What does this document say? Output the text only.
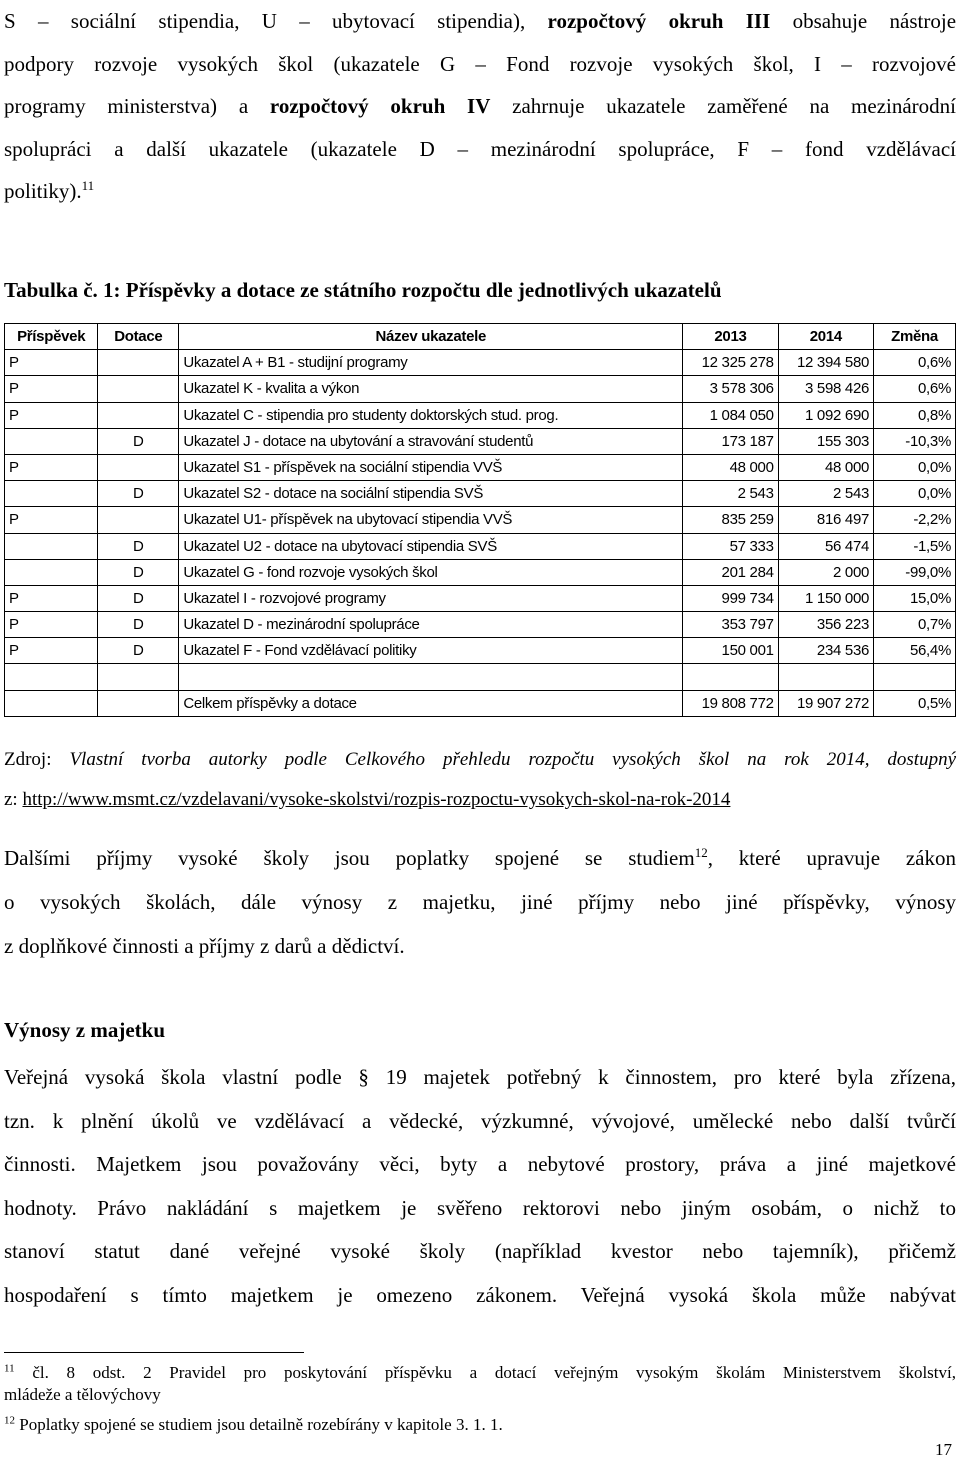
S – sociální stipendia, U – ubytovací stipendia), rozpočtový okruh III obsahuje nástroje
podpory rozvoje vysokých škol (ukazatele G – Fond rozvoje vysokých škol, I – rozvojové
programy ministerstva) a rozpočtový okruh IV zahrnuje ukazatele zaměřené na mezinárodní
spolupráci a další ukazatele (ukazatele D – mezinárodní spolupráce, F – fond vzdělávací
politiky).$^{11}$
Tabulka č. 1: Příspěvky a dotace ze státního rozpočtu dle jednotlivých ukazatelů
Příspěvek	Dotace	Název ukazatele	2013	2014	Změna
P		Ukazatel A + B1 - studijní programy	12 325 278	12 394 580	0,6%
P		Ukazatel K - kvalita a výkon	3 578 306	3 598 426	0,6%
P		Ukazatel C - stipendia pro studenty doktorských stud. prog.	1 084 050	1 092 690	0,8%
	D	Ukazatel J - dotace na ubytování a stravování studentů	173 187	155 303	-10,3%
P		Ukazatel S1 - příspěvek na sociální stipendia VVŠ	48 000	48 000	0,0%
	D	Ukazatel S2 - dotace na sociální stipendia SVŠ	2 543	2 543	0,0%
P		Ukazatel U1- příspěvek na ubytovací stipendia VVŠ	835 259	816 497	-2,2%
	D	Ukazatel U2 - dotace na ubytovací stipendia SVŠ	57 333	56 474	-1,5%
	D	Ukazatel G - fond rozvoje vysokých škol	201 284	2 000	-99,0%
P	D	Ukazatel I - rozvojové programy	999 734	1 150 000	15,0%
P	D	Ukazatel D - mezinárodní spolupráce	353 797	356 223	0,7%
P	D	Ukazatel F - Fond vzdělávací politiky	150 001	234 536	56,4%

		Celkem příspěvky a dotace	19 808 772	19 907 272	0,5%
Zdroj: Vlastní tvorba autorky podle Celkového přehledu rozpočtu vysokých škol na rok 2014, dostupný
z: http://www.msmt.cz/vzdelavani/vysoke-skolstvi/rozpis-rozpoctu-vysokych-skol-na-rok-2014
Dalšími příjmy vysoké školy jsou poplatky spojené se studiem$^{12}$, které upravuje zákon
o vysokých školách, dále výnosy z majetku, jiné příjmy nebo jiné příspěvky, výnosy
z doplňkové činnosti a příjmy z darů a dědictví.
Výnosy z majetku
Veřejná vysoká škola vlastní podle § 19 majetek potřebný k činnostem, pro které byla zřízena,
tzn. k plnění úkolů ve vzdělávací a vědecké, výzkumné, vývojové, umělecké nebo další tvůrčí
činnosti. Majetkem jsou považovány věci, byty a nebytové prostory, práva a jiné majetkové
hodnoty. Právo nakládání s majetkem je svěřeno rektorovi nebo jiným osobám, o nichž to
stanoví statut dané veřejné vysoké školy (například kvestor nebo tajemník), přičemž
hospodaření s tímto majetkem je omezeno zákonem. Veřejná vysoká škola může nabývat
$^{11}$ čl. 8 odst. 2 Pravidel pro poskytování příspěvku a dotací veřejným vysokým školám Ministerstvem školství,
mládeže a tělovýchovy
$^{12}$ Poplatky spojené se studiem jsou detailně rozebírány v kapitole 3. 1. 1.
17
